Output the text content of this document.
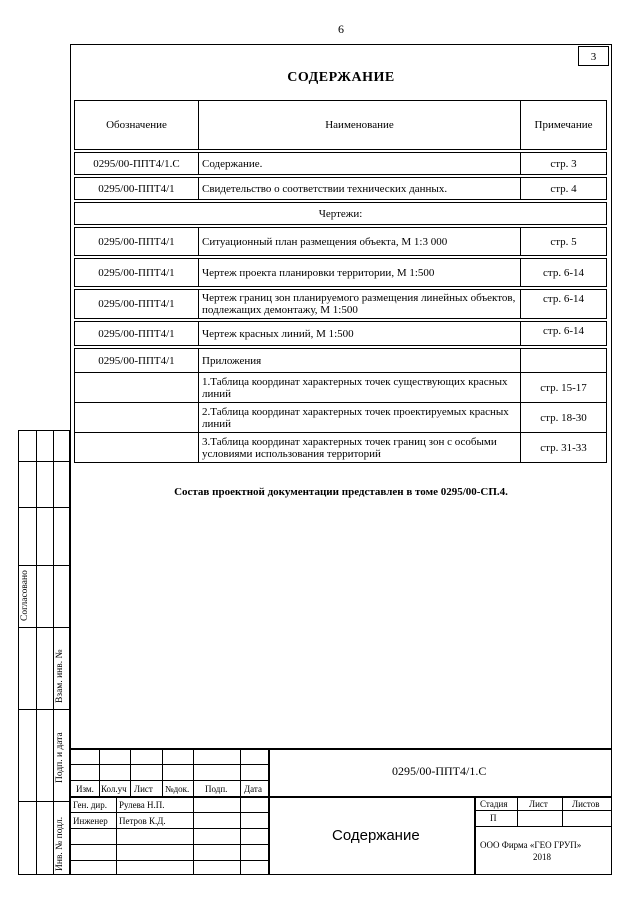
6
3
СОДЕРЖАНИЕ
Обозначение	Наименование	Примечание

0295/00-ППТ4/1.С	Содержание.	стр. 3

0295/00-ППТ4/1	Свидетельство о соответствии технических данных.	стр. 4

Чертежи:		

0295/00-ППТ4/1	Ситуационный план размещения объекта, М 1:3 000	стр. 5

0295/00-ППТ4/1	Чертеж проекта планировки территории, М 1:500	стр. 6-14

0295/00-ППТ4/1	Чертеж границ зон планируемого размещения линейных объектов, подлежащих демонтажу, М 1:500	стр. 6-14

0295/00-ППТ4/1	Чертеж красных линий, М 1:500	стр. 6-14

0295/00-ППТ4/1	Приложения	
	1.Таблица координат характерных точек существующих красных линий	стр. 15-17
	2.Таблица координат характерных точек проектируемых красных линий	стр. 18-30
	3.Таблица координат характерных точек границ зон с особыми условиями использования территорий	стр. 31-33
Состав проектной документации представлен в томе 0295/00-СП.4.
Согласовано
Взам. инв. №
Подп. и дата
Инв. № подл.
Изм. Кол.уч Лист №док. Подп. Дата
Ген. дир. Рулева Н.П.
Инженер Петров К.Д.
0295/00-ППТ4/1.С
Содержание
Стадия Лист	Листов
П
ООО Фирма «ГЕО ГРУП»
2018
